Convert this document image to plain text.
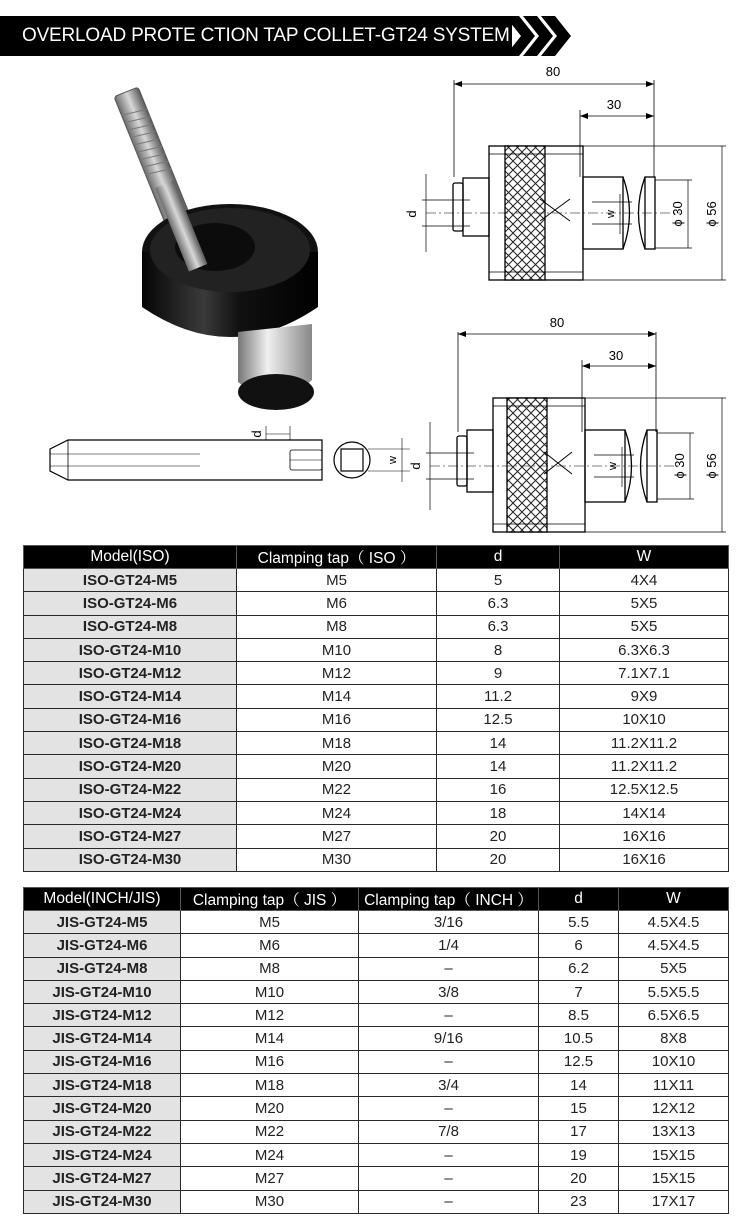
OVERLOAD PROTE CTION TAP COLLET-GT24 SYSTEM
80
30
d	w	ϕ 30 ϕ 56
80
30
d	w	ϕ 30 ϕ 56
d
w
Model(ISO)	Clamping tap（ ISO ）	d	W
ISO-GT24-M5	M5	5	4X4
ISO-GT24-M6	M6	6.3	5X5
ISO-GT24-M8	M8	6.3	5X5
ISO-GT24-M10	M10	8	6.3X6.3
ISO-GT24-M12	M12	9	7.1X7.1
ISO-GT24-M14	M14	11.2	9X9
ISO-GT24-M16	M16	12.5	10X10
ISO-GT24-M18	M18	14	11.2X11.2
ISO-GT24-M20	M20	14	11.2X11.2
ISO-GT24-M22	M22	16	12.5X12.5
ISO-GT24-M24	M24	18	14X14
ISO-GT24-M27	M27	20	16X16
ISO-GT24-M30	M30	20	16X16
Model(INCH/JIS)	Clamping tap（ JIS ）	Clamping tap（ INCH ）	d	W
JIS-GT24-M5	M5	3/16	5.5	4.5X4.5
JIS-GT24-M6	M6	1/4	6	4.5X4.5
JIS-GT24-M8	M8	–	6.2	5X5
JIS-GT24-M10	M10	3/8	7	5.5X5.5
JIS-GT24-M12	M12	–	8.5	6.5X6.5
JIS-GT24-M14	M14	9/16	10.5	8X8
JIS-GT24-M16	M16	–	12.5	10X10
JIS-GT24-M18	M18	3/4	14	11X11
JIS-GT24-M20	M20	–	15	12X12
JIS-GT24-M22	M22	7/8	17	13X13
JIS-GT24-M24	M24	–	19	15X15
JIS-GT24-M27	M27	–	20	15X15
JIS-GT24-M30	M30	–	23	17X17
